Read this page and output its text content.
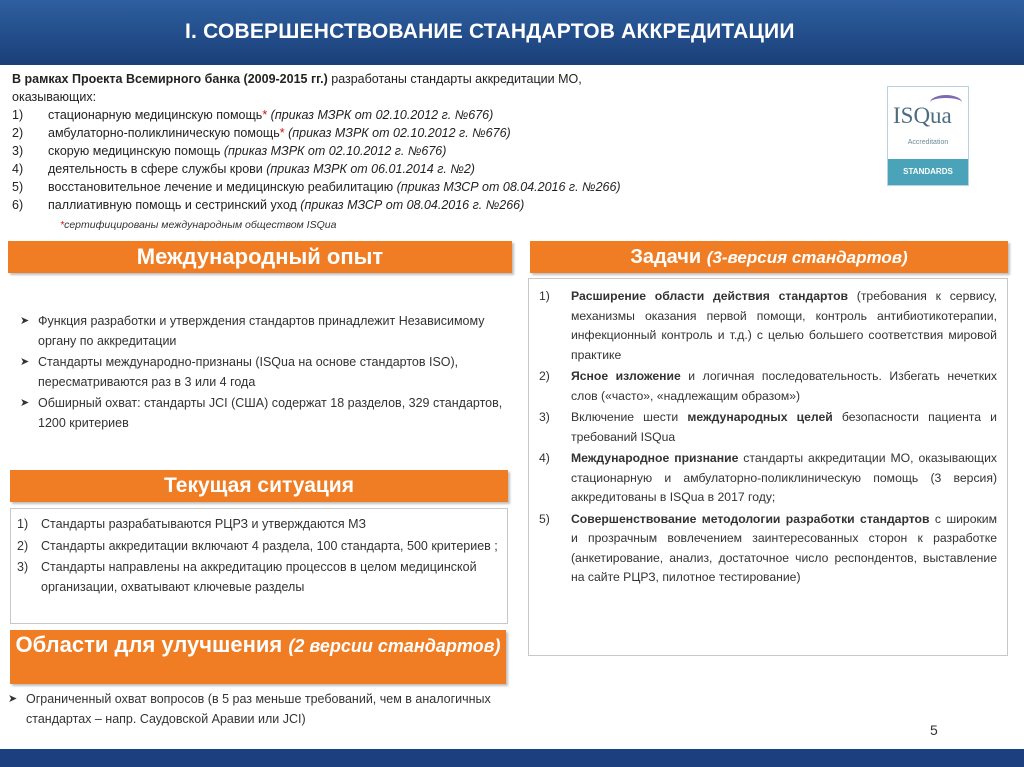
I. СОВЕРШЕНСТВОВАНИЕ СТАНДАРТОВ АККРЕДИТАЦИИ
В рамках Проекта Всемирного банка (2009-2015 гг.) разработаны стандарты аккредитации МО, оказывающих:
1)	стационарную медицинскую помощь* (приказ МЗРК от 02.10.2012 г. №676)
2)	амбулаторно-поликлиническую помощь* (приказ МЗРК от 02.10.2012 г. №676)
3)	скорую медицинскую помощь (приказ МЗРК от 02.10.2012 г. №676)
4)	деятельность в сфере службы крови (приказ МЗРК от 06.01.2014 г. №2)
5)	восстановительное лечение и медицинскую реабилитацию (приказ МЗСР от 08.04.2016 г. №266)
6)	паллиативную помощь и сестринский уход (приказ МЗСР от 08.04.2016 г. №266)
*сертифицированы международным обществом ISQua
ISQua
Accreditation
STANDARDS
Международный опыт
➤ Функция разработки и утверждения стандартов принадлежит Независимому органу по аккредитации
➤ Стандарты международно-признаны (ISQua на основе стандартов ISO), пересматриваются раз в 3 или 4 года
➤ Обширный охват: стандарты JCI (США) содержат 18 разделов, 329 стандартов, 1200 критериев
Текущая ситуация
1)	Стандарты разрабатываются РЦРЗ и утверждаются МЗ
2)	Стандарты аккредитации включают 4 раздела, 100 стандарта, 500 критериев ;
3)	Стандарты направлены на аккредитацию процессов в целом медицинской организации, охватывают ключевые разделы
Области для улучшения (2 версии стандартов)
➤ Ограниченный охват вопросов (в 5 раз меньше требований, чем в аналогичных стандартах – напр. Саудовской Аравии или JCI)
Задачи (3-версия стандартов)
1)	Расширение области действия стандартов (требования к сервису, механизмы оказания первой помощи, контроль антибиотикотерапии, инфекционный контроль и т.д.) с целью большего соответствия мировой практике
2)	Ясное изложение и логичная последовательность. Избегать нечетких слов («часто», «надлежащим образом»)
3)	Включение шести международных целей безопасности пациента и требований ISQua
4)	Международное признание стандарты аккредитации МО, оказывающих стационарную и амбулаторно-поликлиническую помощь (3 версия) аккредитованы в ISQua в 2017 году;
5)	Совершенствование методологии разработки стандартов с широким и прозрачным вовлечением заинтересованных сторон к разработке (анкетирование, анализ, достаточное число респондентов, выставление на сайте РЦРЗ, пилотное тестирование)
5
